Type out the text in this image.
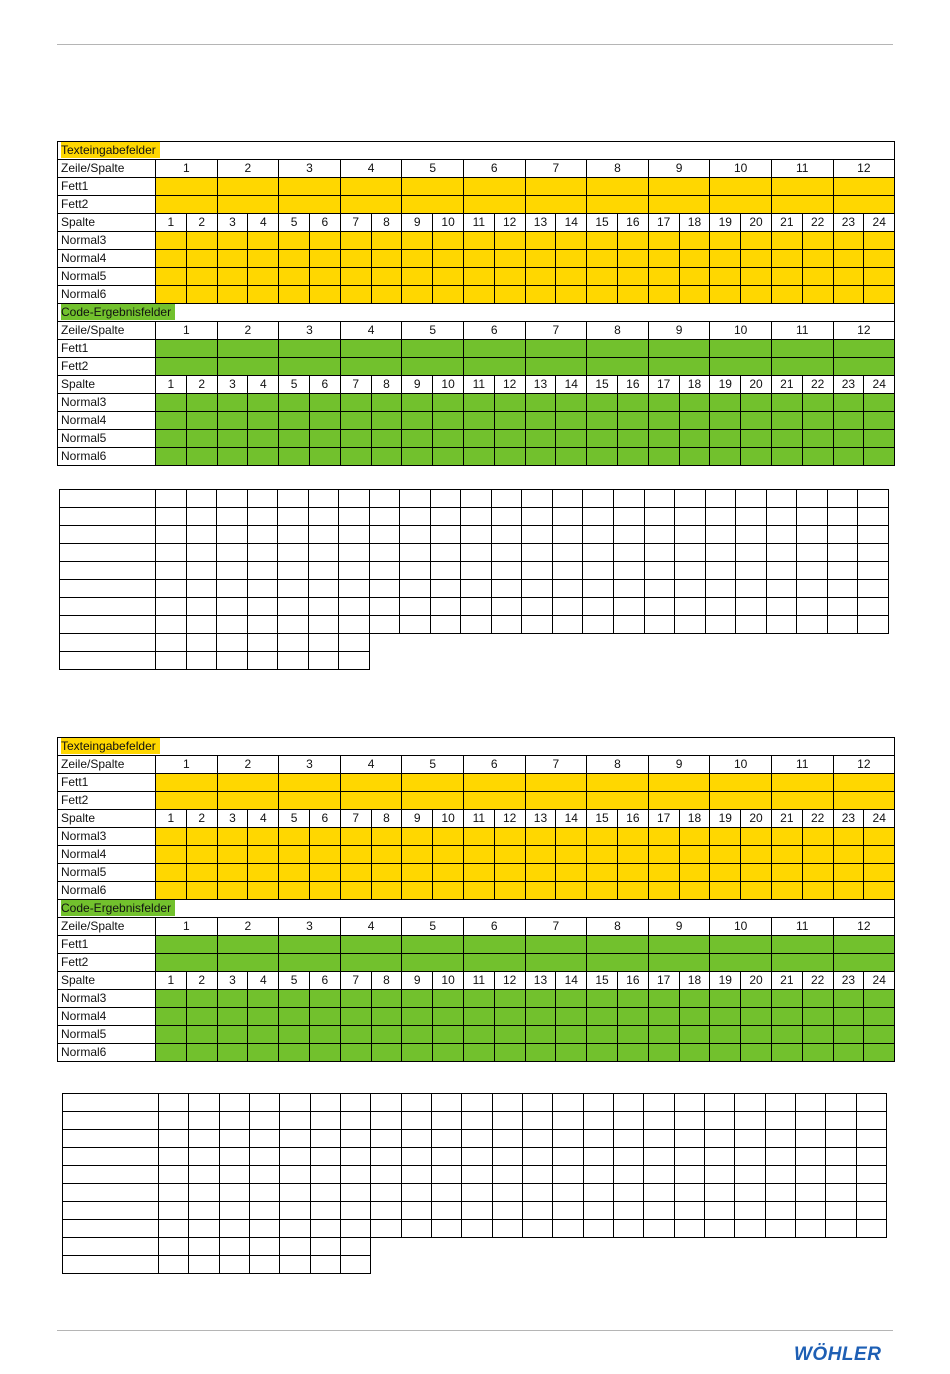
Texteingabefelder																								
Zeile/Spalte	1		2		3		4		5		6		7		8		9		10		11		12	
Fett1																								
Fett2																								
Spalte	1	2	3	4	5	6	7	8	9	10	11	12	13	14	15	16	17	18	19	20	21	22	23	24
Normal3																								
Normal4																								
Normal5																								
Normal6																								
Code-Ergebnisfelder																								
Zeile/Spalte	1		2		3		4		5		6		7		8		9		10		11		12	
Fett1																								
Fett2																								
Spalte	1	2	3	4	5	6	7	8	9	10	11	12	13	14	15	16	17	18	19	20	21	22	23	24
Normal3																								
Normal4																								
Normal5																								
Normal6																								

Texteingabefelder																								
Zeile/Spalte	1		2		3		4		5		6		7		8		9		10		11		12	
Fett1																								
Fett2																								
Spalte	1	2	3	4	5	6	7	8	9	10	11	12	13	14	15	16	17	18	19	20	21	22	23	24
Normal3																								
Normal4																								
Normal5																								
Normal6																								
Code-Ergebnisfelder																								
Zeile/Spalte	1		2		3		4		5		6		7		8		9		10		11		12	
Fett1																								
Fett2																								
Spalte	1	2	3	4	5	6	7	8	9	10	11	12	13	14	15	16	17	18	19	20	21	22	23	24
Normal3																								
Normal4																								
Normal5																								
Normal6																								

WÖHLER
